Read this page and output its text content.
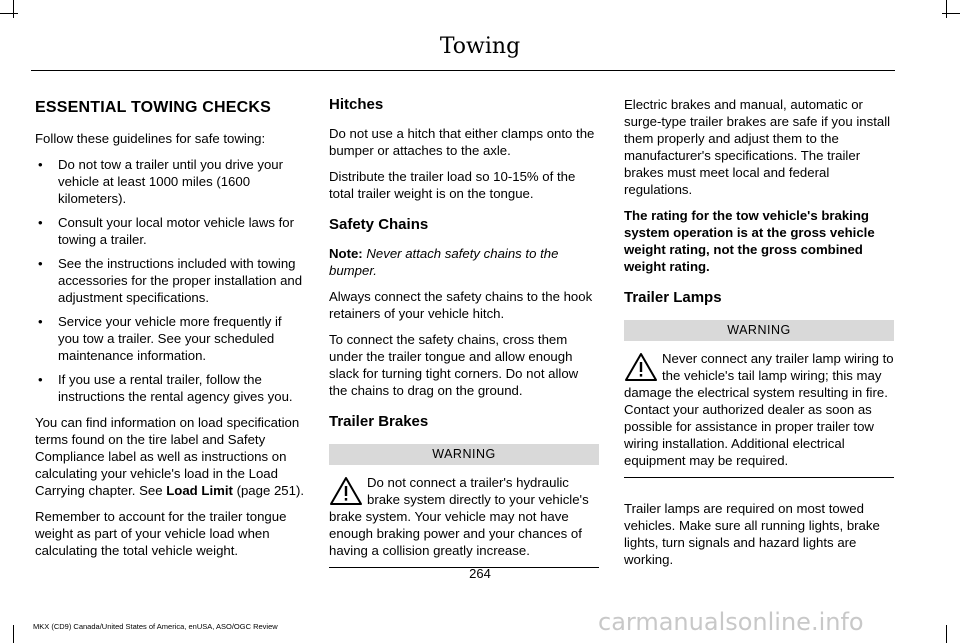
Towing
ESSENTIAL TOWING CHECKS

Follow these guidelines for safe towing:

• Do not tow a trailer until you drive your vehicle at least 1000 miles (1600 kilometers).
• Consult your local motor vehicle laws for towing a trailer.
• See the instructions included with towing accessories for the proper installation and adjustment specifications.
• Service your vehicle more frequently if you tow a trailer. See your scheduled maintenance information.
• If you use a rental trailer, follow the instructions the rental agency gives you.

You can find information on load specification terms found on the tire label and Safety Compliance label as well as instructions on calculating your vehicle's load in the Load Carrying chapter. See Load Limit (page 251).

Remember to account for the trailer tongue weight as part of your vehicle load when calculating the total vehicle weight.

Hitches

Do not use a hitch that either clamps onto the bumper or attaches to the axle.

Distribute the trailer load so 10-15% of the total trailer weight is on the tongue.

Safety Chains

Note: Never attach safety chains to the bumper.

Always connect the safety chains to the hook retainers of your vehicle hitch.

To connect the safety chains, cross them under the trailer tongue and allow enough slack for turning tight corners. Do not allow the chains to drag on the ground.

Trailer Brakes
WARNING
Do not connect a trailer's hydraulic brake system directly to your vehicle's brake system. Your vehicle may not have enough braking power and your chances of having a collision greatly increase.

Electric brakes and manual, automatic or surge-type trailer brakes are safe if you install them properly and adjust them to the manufacturer's specifications. The trailer brakes must meet local and federal regulations.

The rating for the tow vehicle's braking system operation is at the gross vehicle weight rating, not the gross combined weight rating.

Trailer Lamps
WARNING
Never connect any trailer lamp wiring to the vehicle's tail lamp wiring; this may damage the electrical system resulting in fire. Contact your authorized dealer as soon as possible for assistance in proper trailer tow wiring installation. Additional electrical equipment may be required.

Trailer lamps are required on most towed vehicles. Make sure all running lights, brake lights, turn signals and hazard lights are working.

264
MKX (CD9) Canada/United States of America, enUSA, ASO/OGC Review	carmanualsonline.info
